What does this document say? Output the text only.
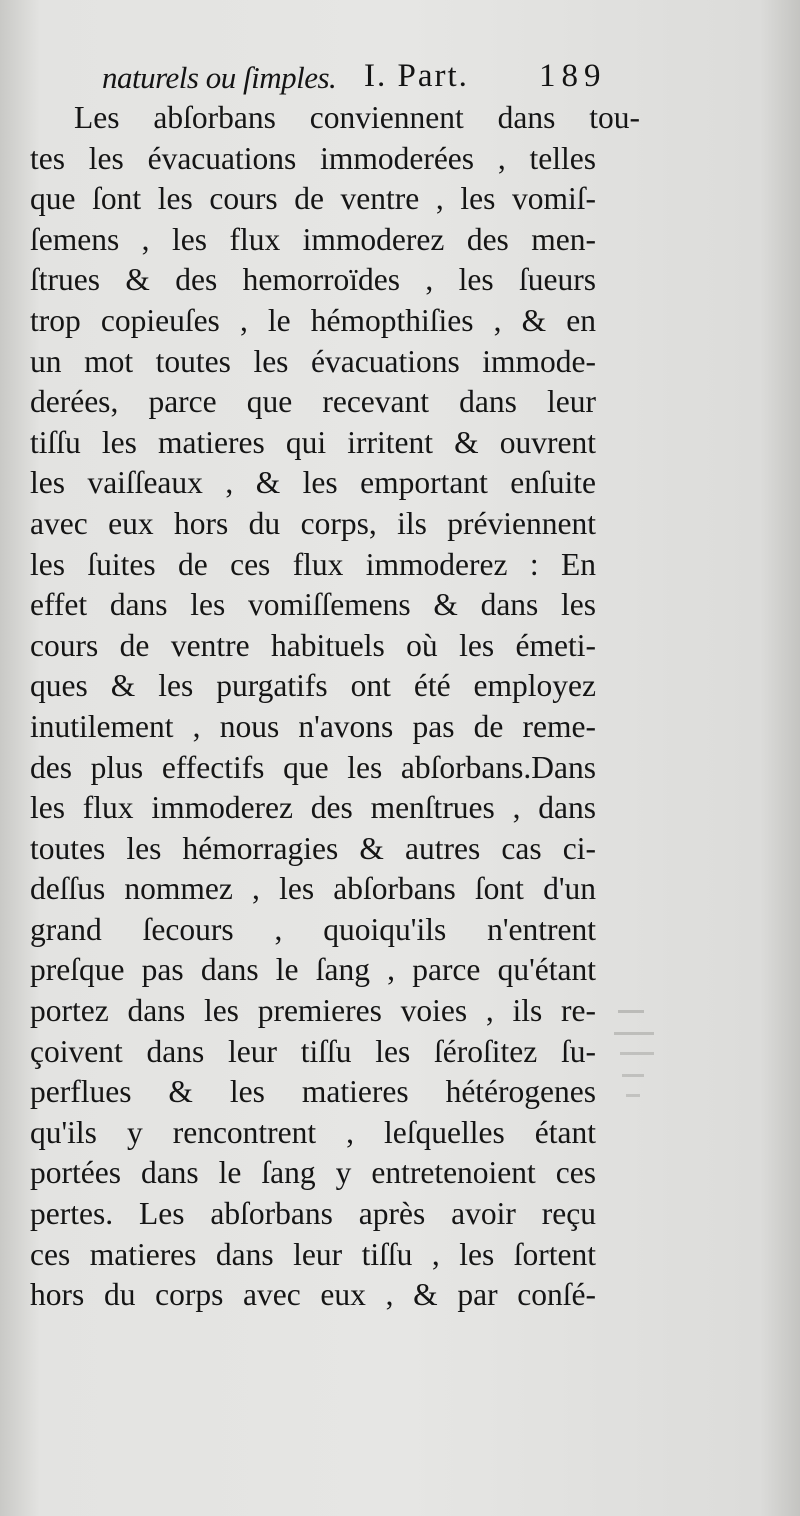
naturels ou ſimples. I. Part. 189
Les abſorbans conviennent dans tou-
tes les évacuations immoderées , telles
que ſont les cours de ventre , les vomiſ-
ſemens , les flux immoderez des men-
ſtrues & des hemorroïdes , les ſueurs
trop copieuſes , le hémopthiſies , & en
un mot toutes les évacuations immode-
derées, parce que recevant dans leur
tiſſu les matieres qui irritent & ouvrent
les vaiſſeaux , & les emportant enſuite
avec eux hors du corps, ils préviennent
les ſuites de ces flux immoderez : En
effet dans les vomiſſemens & dans les
cours de ventre habituels où les émeti-
ques & les purgatifs ont été employez
inutilement , nous n'avons pas de reme-
des plus effectifs que les abſorbans.Dans
les flux immoderez des menſtrues , dans
toutes les hémorragies & autres cas ci-
deſſus nommez , les abſorbans ſont d'un
grand ſecours , quoiqu'ils n'entrent
preſque pas dans le ſang , parce qu'étant
portez dans les premieres voies , ils re-
çoivent dans leur tiſſu les ſéroſitez ſu-
perflues & les matieres hétérogenes
qu'ils y rencontrent , leſquelles étant
portées dans le ſang y entretenoient ces
pertes. Les abſorbans après avoir reçu
ces matieres dans leur tiſſu , les ſortent
hors du corps avec eux , & par conſé-
